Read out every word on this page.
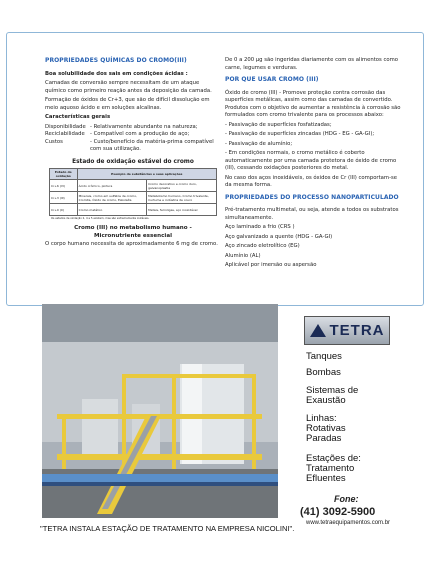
PROPRIEDADES QUÍMICAS DO CROMO(III)

Boa solubilidade dos sais em condições ácidas :

Camadas de conversão sempre necessitam de um ataque químico como primeiro reação antes da deposição da camada.

Formação de óxidos de Cr+3, que são de difícil dissolução em meio aquoso ácido e em soluções alcalinas.

Características gerais

Disponibilidade - Relativamente abundante na natureza;
Reciclabilidade - Compatível com a produção de aço;
Custos	- Custo/benefício da matéria-prima compatível com sua utilização.
Estado de oxidação estável do cromo
Estado de oxidação	Exemplo de substâncias e suas aplicações	
Cr+6 (VI)	Ácido crômico, pintura	Cromo decorativo e cromo duro, galvanoplastia
Cr+3 (III)	Minerais, cromo em sulfatos de cromo, Cromita, Óxido de cromo, Eskolaíta	Metabolismo humano, Cromo trivalente, Curtume e indústria de couro
Cr+0 (0)	Cromo metálico	Metais, ferroligas, aço inoxidável
Os estados de oxidação 2, 4 e 5 existem, mas são extremamente instáveis.
Cromo (III) no metabolismo humano -
Micronutriente essencial

O corpo humano necessita de aproximadamente 6 mg de cromo.

De 0 a 200 µg são ingeridas diariamente com os alimentos como carne, legumes e verduras.

POR QUE USAR CROMO (III)

Óxido de cromo (III) - Promove proteção contra corrosão das superfícies metálicas, assim como das camadas de convertido. Produtos com o objetivo de aumentar a resistência à corrosão são formulados com cromo trivalente para os processos abaixo:

- Passivação de superfícies fosfatizadas;

- Passivação de superfícies zincadas (HDG - EG - GA-GI);

- Passivação de alumínio;

- Em condições normais, o cromo metálico é coberto automaticamente por uma camada protetora de óxido de cromo (III), cessando oxidações posteriores do metal.

No caso dos aços inoxidáveis, os óxidos de Cr (III) comportam-se da mesma forma.

PROPRIEDADES DO PROCESSO NANOPARTICULADO

Pré-tratamento multimetal, ou seja, atende a todos os substratos simultaneamente.

Aço laminado a frio (CRS )

Aço galvanizado a quente (HDG - GA-GI)

Aço zincado eletrolítico (EG)

Alumínio (AL)

Aplicável por imersão ou aspersão

TETRA
Tanques
Bombas
Sistemas de Exaustão
Linhas: Rotativas Paradas
Estações de: Tratamento Efluentes
Fone:
(41) 3092-5900
www.tetraequipamentos.com.br
"TETRA INSTALA ESTAÇÃO DE TRATAMENTO NA EMPRESA NICOLINI".
